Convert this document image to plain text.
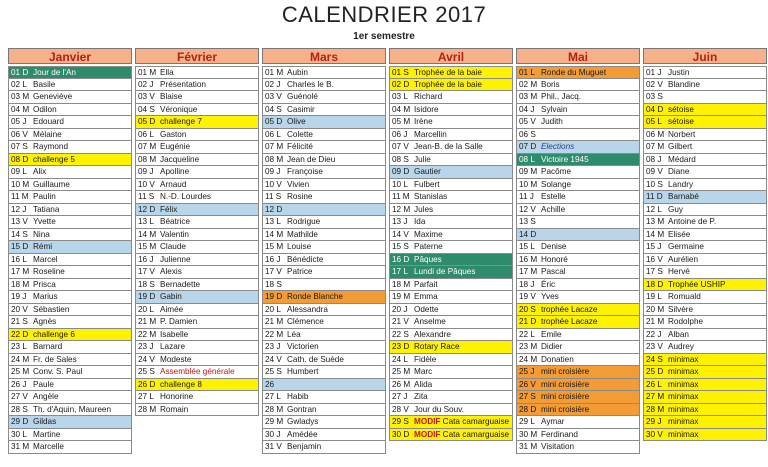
CALENDRIER 2017
1er semestre
Janvier
01 D Jour de l'An
02 L Basile
03 M Geneviève
04 M Odilon
05 J Edouard
06 V Mélaine
07 S Raymond
08 D challenge 5
09 L Alix
10 M Guillaume
11 M Paulin
12 J Tatiana
13 V Yvette
14 S Nina
15 D Rémi
16 L Marcel
17 M Roseline
18 M Prisca
19 J Marius
20 V Sébastien
21 S Agnès
22 D challenge 6
23 L Barnard
24 M Fr. de Sales
25 M Conv. S. Paul
26 J Paule
27 V Angèle
28 S Th. d'Aquin, Maureen
29 D Gildas
30 L Martine
31 M Marcelle
Février
01 M Ella
02 J Présentation
03 V Blaise
04 S Véronique
05 D challenge 7
06 L Gaston
07 M Eugénie
08 M Jacqueline
09 J Apolline
10 V Arnaud
11 S N.-D. Lourdes
12 D Félix
13 L Béatrice
14 M Valentin
15 M Claude
16 J Julienne
17 V Alexis
18 S Bernadette
19 D Gabin
20 L Aimée
21 M P. Damien
22 M Isabelle
23 J Lazare
24 V Modeste
25 S Assemblée générale
26 D challenge 8
27 L Honorine
28 M Romain
Mars
01 M Aubin
02 J Charles le B.
03 V Guénolé
04 S Casimir
05 D Olive
06 L Colette
07 M Félicité
08 M Jean de Dieu
09 J Françoise
10 V Vivien
11 S Rosine
12 D
13 L Rodrigue
14 M Mathilde
15 M Louise
16 J Bénédicte
17 V Patrice
18 S
19 D Ronde Blanche
20 L Alessandra
21 M Clémence
22 M Léa
23 J Victorien
24 V Cath. de Suède
25 S Humbert
26
27 L Habib
28 M Gontran
29 M Gwladys
30 J Amédée
31 V Benjamin
Avril
01 S Trophée de la baie
02 D Trophée de la baie
03 L Richard
04 M Isidore
05 M Irène
06 J Marcellin
07 V Jean-B. de la Salle
08 S Julie
09 D Gautier
10 L Fulbert
11 M Stanislas
12 M Jules
13 J Ida
14 V Maxime
15 S Paterne
16 D Pâques
17 L Lundi de Pâques
18 M Parfait
19 M Emma
20 J Odette
21 V Anselme
22 S Alexandre
23 D Rotary Race
24 L Fidèle
25 M Marc
26 M Alida
27 J Zita
28 V Jour du Souv.
29 S MODIF Cata camarguaise
30 D MODIF Cata camarguaise
Mai
01 L Ronde du Muguet
02 M Boris
03 M Phil., Jacq.
04 J Sylvain
05 V Judith
06 S
07 D Elections
08 L Victoire 1945
09 M Pacôme
10 M Solange
11 J Estelle
12 V Achille
13 S
14 D
15 L Denise
16 M Honoré
17 M Pascal
18 J Éric
19 V Yves
20 S trophée Lacaze
21 D trophée Lacaze
22 L Emile
23 M Didier
24 M Donatien
25 J mini croisière
26 V mini croisière
27 S mini croisière
28 D mini croisière
29 L Aymar
30 M Ferdinand
31 M Visitation
Juin
01 J Justin
02 V Blandine
03 S
04 D sétoise
05 L sétoise
06 M Norbert
07 M Gilbert
08 J Médard
09 V Diane
10 S Landry
11 D Barnabé
12 L Guy
13 M Antoine de P.
14 M Elisée
15 J Germaine
16 V Aurélien
17 S Hervé
18 D Trophée USHIP
19 L Romuald
20 M Silvère
21 M Rodolphe
22 J Alban
23 V Audrey
24 S minimax
25 D minimax
26 L minimax
27 M minimax
28 M minimax
29 J minimax
30 V minimax
